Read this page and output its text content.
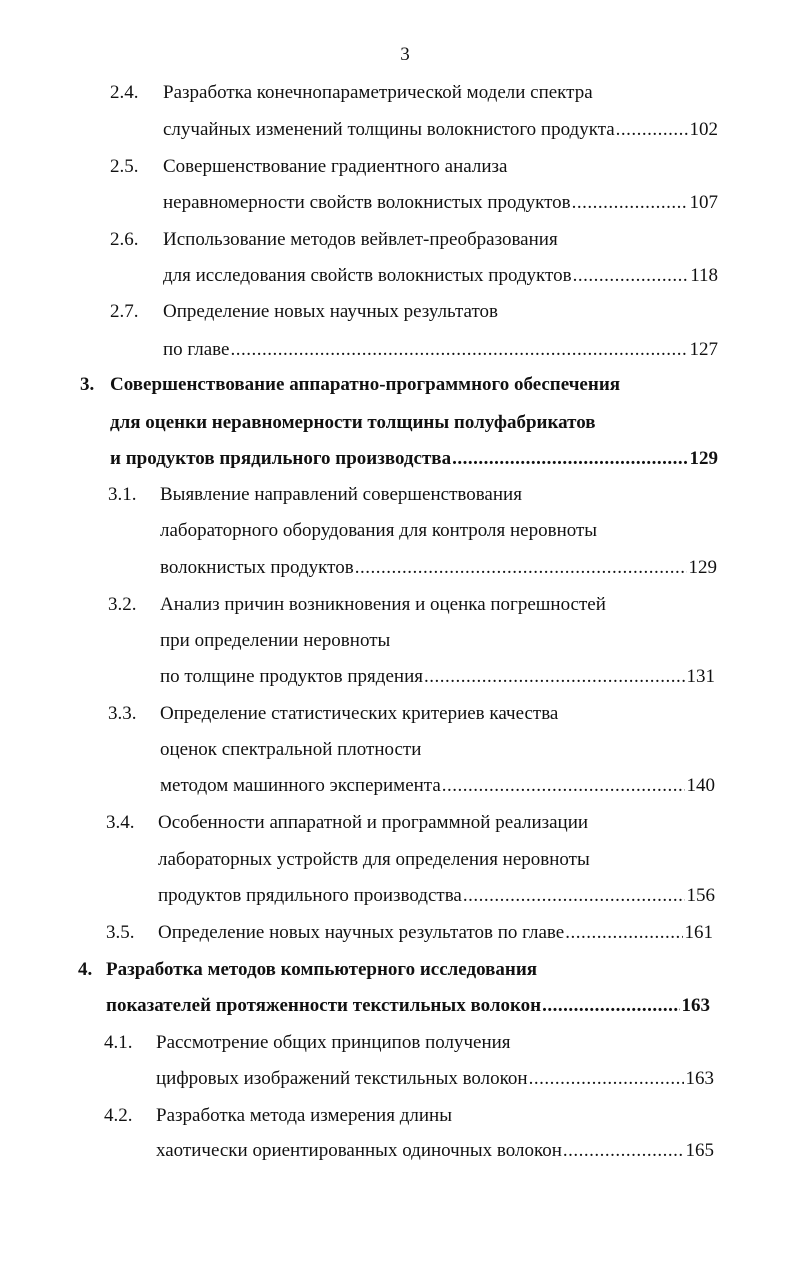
3
2.4. Разработка конечнопараметрической модели спектра
случайных изменений толщины волокнистого продукта .....	102
2.5. Совершенствование градиентного анализа
неравномерности свойств волокнистых продуктов .....	107
2.6. Использование методов вейвлет-преобразования
для исследования свойств волокнистых продуктов .....	118
2.7. Определение новых научных результатов
по главе .....	127
3. Совершенствование аппаратно-программного обеспечения
для оценки неравномерности толщины полуфабрикатов
и продуктов прядильного производства .....	129
3.1. Выявление направлений совершенствования
лабораторного оборудования для контроля неровноты
волокнистых продуктов .....	129
3.2. Анализ причин возникновения и оценка погрешностей
при определении неровноты
по толщине продуктов прядения .....	131
3.3. Определение статистических критериев качества
оценок спектральной плотности
методом машинного эксперимента .....	140
3.4. Особенности аппаратной и программной реализации
лабораторных устройств для определения неровноты
продуктов прядильного производства .....	156
3.5. Определение новых научных результатов по главе .....	161
4. Разработка методов компьютерного исследования
показателей протяженности текстильных волокон .....	163
4.1. Рассмотрение общих принципов получения
цифровых изображений текстильных волокон .....	163
4.2. Разработка метода измерения длины
хаотически ориентированных одиночных волокон .....	165
